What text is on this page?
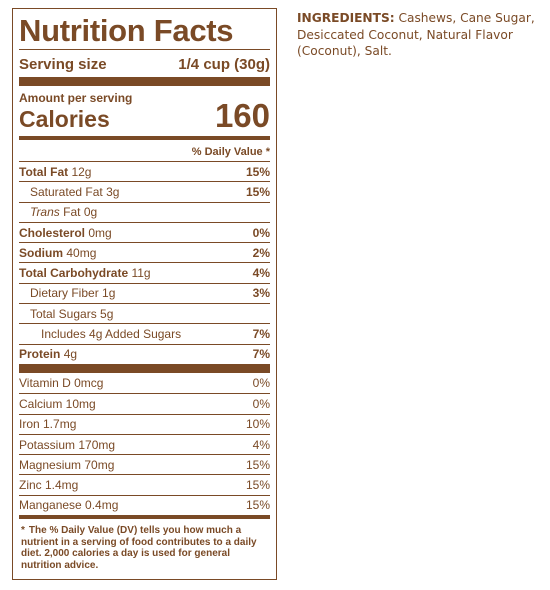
Nutrition Facts
Serving size	1/4 cup (30g)
Amount per serving
Calories	160
% Daily Value *
Total Fat 12g	15%
Saturated Fat 3g	15%
Trans Fat 0g
Cholesterol 0mg	0%
Sodium 40mg	2%
Total Carbohydrate 11g	4%
Dietary Fiber 1g	3%
Total Sugars 5g
Includes 4g Added Sugars	7%
Protein 4g	7%
Vitamin D 0mcg	0%
Calcium 10mg	0%
Iron 1.7mg	10%
Potassium 170mg	4%
Magnesium 70mg	15%
Zinc 1.4mg	15%
Manganese 0.4mg	15%
* The % Daily Value (DV) tells you how much a nutrient in a serving of food contributes to a daily diet. 2,000 calories a day is used for general nutrition advice.
INGREDIENTS: Cashews, Cane Sugar, Desiccated Coconut, Natural Flavor (Coconut), Salt.
